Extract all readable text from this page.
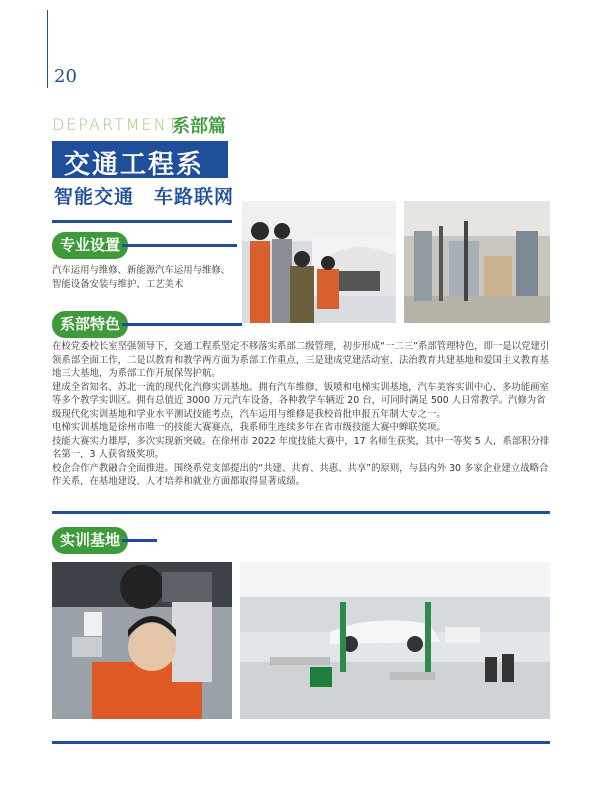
20
DEPARTMENT
系部篇
交通工程系
智能交通　车路联网
专业设置

汽车运用与维修、新能源汽车运用与维修、

智能设备安装与维护、工艺美术

系部特色

在校党委校长室坚强领导下，交通工程系坚定不移落实系部二级管理，初步形成“一二三”系部管理特色，即一是以党建引领系部全面工作，二是以教育和教学两方面为系部工作重点，三是建成党建活动室、法治教育共建基地和爱国主义教育基地三大基地，为系部工作开展保驾护航。

建成全省知名、苏北一流的现代化汽修实训基地。拥有汽车维修、钣喷和电梯实训基地，汽车美容实训中心、多功能画室等多个教学实训区。拥有总值近 3000 万元汽车设备，各种教学车辆近 20 台，可同时满足 500 人日常教学。汽修为省级现代化实训基地和学业水平测试技能考点，汽车运用与维修是我校首批申报五年制大专之一。

电梯实训基地是徐州市唯一的技能大赛赛点，我系师生连续多年在省市级技能大赛中蝉联奖项。

技能大赛实力雄厚，多次实现新突破。在徐州市 2022 年度技能大赛中，17 名师生获奖，其中一等奖 5 人，系部积分排名第一，3 人获省级奖项。

校企合作产教融合全面推进。围绕系党支部提出的“共建、共育、共惠、共享”的原则，与县内外 30 多家企业建立战略合作关系，在基地建设、人才培养和就业方面都取得显著成绩。

实训基地
